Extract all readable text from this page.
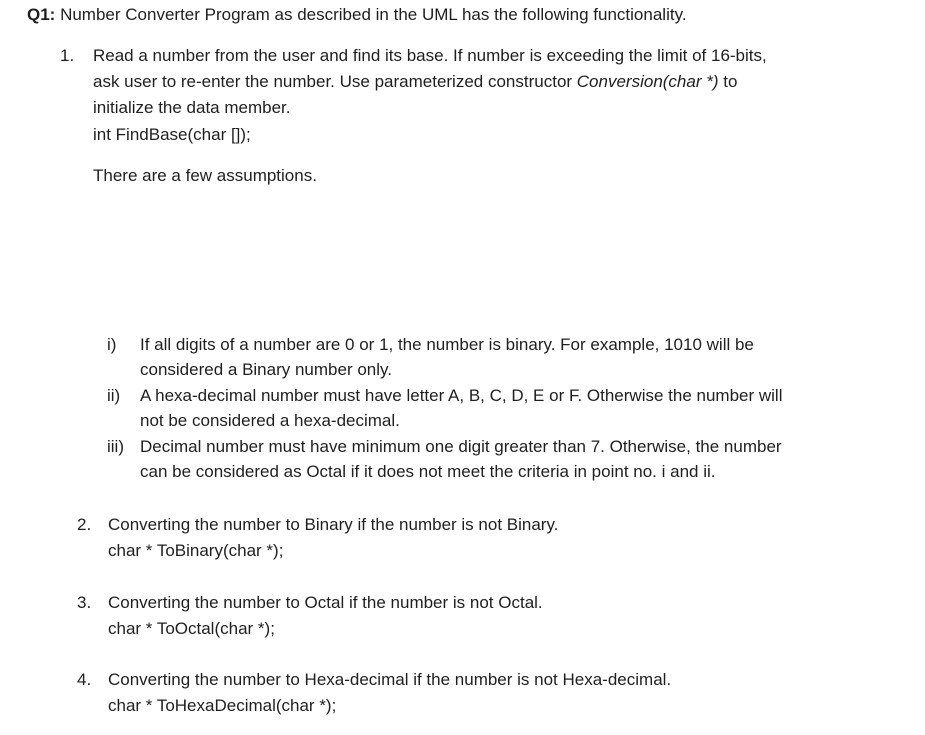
Q1: Number Converter Program as described in the UML has the following functionality.
1. Read a number from the user and find its base. If number is exceeding the limit of 16-bits,
ask user to re-enter the number. Use parameterized constructor Conversion(char *) to
initialize the data member.
int FindBase(char []);
There are a few assumptions.
i) If all digits of a number are 0 or 1, the number is binary. For example, 1010 will be
considered a Binary number only.
ii) A hexa-decimal number must have letter A, B, C, D, E or F. Otherwise the number will
not be considered a hexa-decimal.
iii) Decimal number must have minimum one digit greater than 7. Otherwise, the number
can be considered as Octal if it does not meet the criteria in point no. i and ii.
2. Converting the number to Binary if the number is not Binary.
char * ToBinary(char *);
3. Converting the number to Octal if the number is not Octal.
char * ToOctal(char *);
4. Converting the number to Hexa-decimal if the number is not Hexa-decimal.
char * ToHexaDecimal(char *);
